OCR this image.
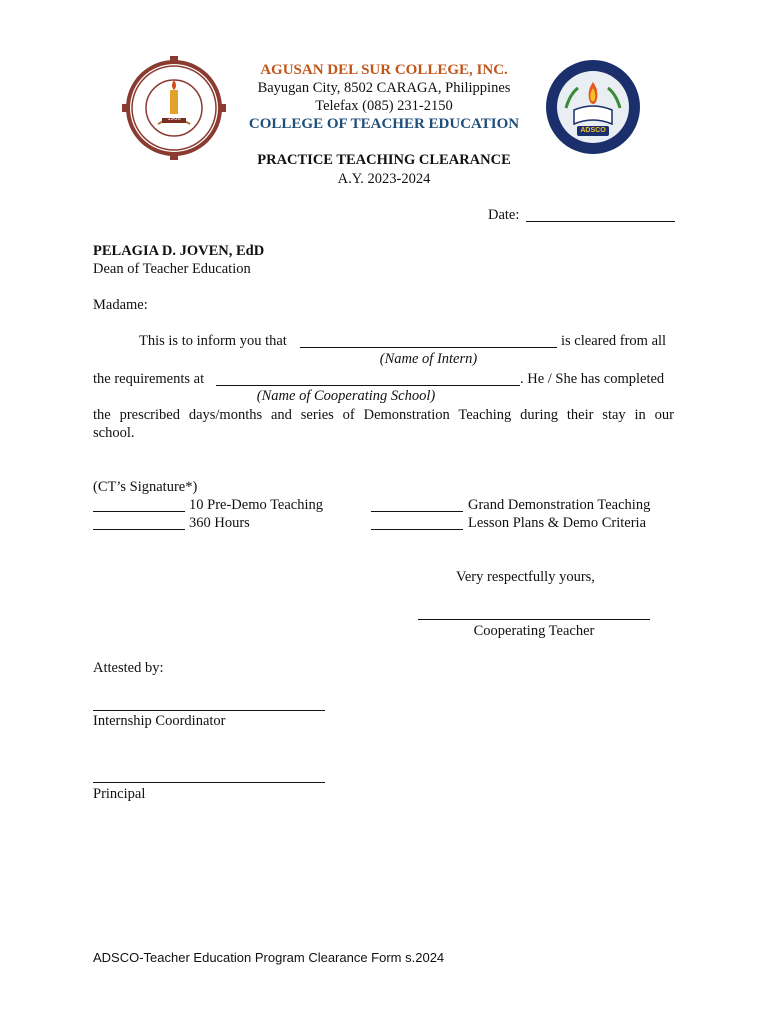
1966
ADSCO
AGUSAN DEL SUR COLLEGE, INC.
Bayugan City, 8502 CARAGA, Philippines
Telefax (085) 231-2150
COLLEGE OF TEACHER EDUCATION
PRACTICE TEACHING CLEARANCE
A.Y. 2023-2024
Date:
PELAGIA D. JOVEN, EdD
Dean of Teacher Education
Madame:
This is to inform you that	is cleared from all
(Name of Intern)
the requirements at	. He / She has completed
(Name of Cooperating School)
the prescribed days/months and series of Demonstration Teaching during their stay in our
school.
(CT’s Signature*)
10 Pre-Demo Teaching
360 Hours
Grand Demonstration Teaching
Lesson Plans & Demo Criteria
Very respectfully yours,
Cooperating Teacher
Attested by:
Internship Coordinator
Principal
ADSCO-Teacher Education Program Clearance Form s.2024
